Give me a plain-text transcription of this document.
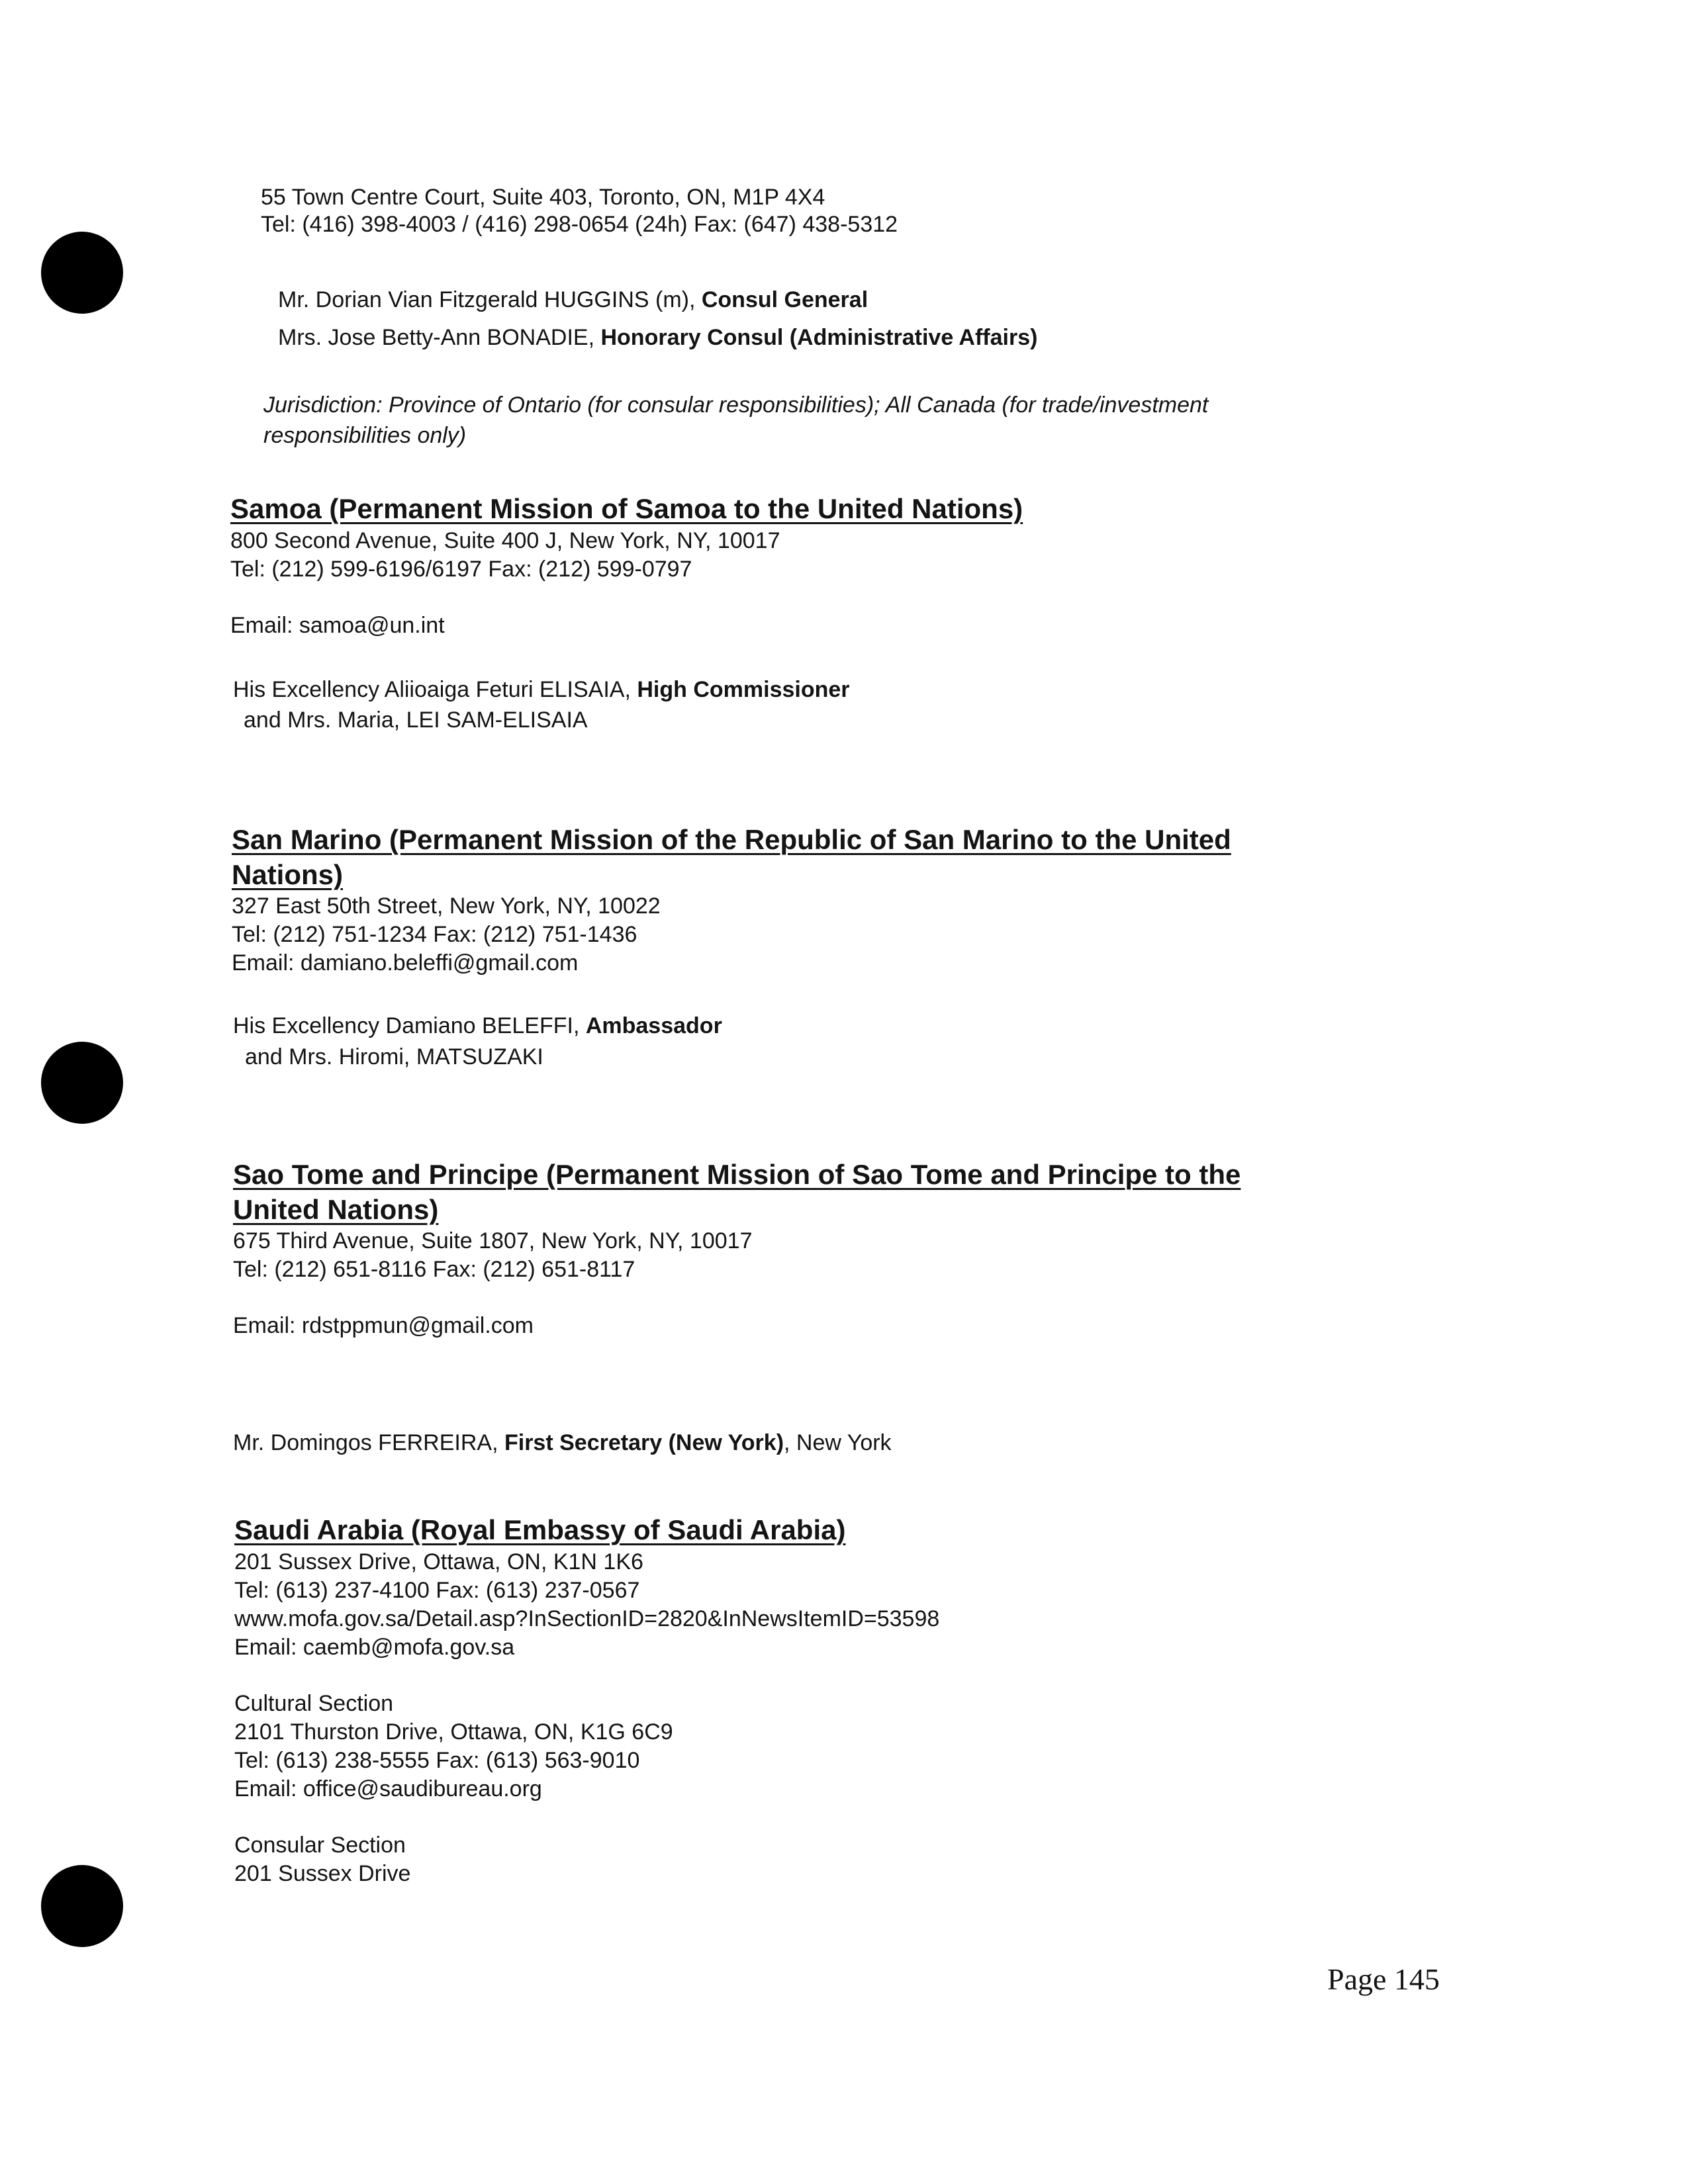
55 Town Centre Court, Suite 403, Toronto, ON, M1P 4X4
Tel: (416) 398-4003 / (416) 298-0654 (24h) Fax: (647) 438-5312
Mr. Dorian Vian Fitzgerald HUGGINS (m), Consul General
Mrs. Jose Betty-Ann BONADIE, Honorary Consul (Administrative Affairs)
Jurisdiction: Province of Ontario (for consular responsibilities); All Canada (for trade/investment
responsibilities only)
Samoa (Permanent Mission of Samoa to the United Nations)
800 Second Avenue, Suite 400 J, New York, NY, 10017
Tel: (212) 599-6196/6197 Fax: (212) 599-0797
Email: samoa@un.int
His Excellency Aliioaiga Feturi ELISAIA, High Commissioner
and Mrs. Maria, LEI SAM-ELISAIA
San Marino (Permanent Mission of the Republic of San Marino to the United
Nations)
327 East 50th Street, New York, NY, 10022
Tel: (212) 751-1234 Fax: (212) 751-1436
Email: damiano.beleffi@gmail.com
His Excellency Damiano BELEFFI, Ambassador
and Mrs. Hiromi, MATSUZAKI
Sao Tome and Principe (Permanent Mission of Sao Tome and Principe to the
United Nations)
675 Third Avenue, Suite 1807, New York, NY, 10017
Tel: (212) 651-8116 Fax: (212) 651-8117
Email: rdstppmun@gmail.com
Mr. Domingos FERREIRA, First Secretary (New York), New York
Saudi Arabia (Royal Embassy of Saudi Arabia)
201 Sussex Drive, Ottawa, ON, K1N 1K6
Tel: (613) 237-4100 Fax: (613) 237-0567
www.mofa.gov.sa/Detail.asp?InSectionID=2820&InNewsItemID=53598
Email: caemb@mofa.gov.sa
Cultural Section
2101 Thurston Drive, Ottawa, ON, K1G 6C9
Tel: (613) 238-5555 Fax: (613) 563-9010
Email: office@saudibureau.org
Consular Section
201 Sussex Drive
Page 145
